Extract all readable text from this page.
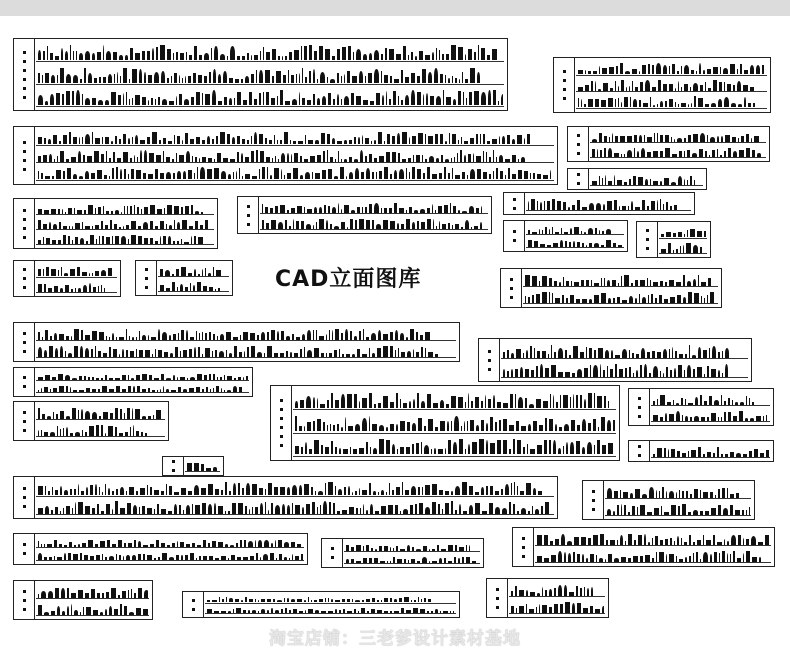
CAD立面图库
淘宝店铺：三老爹设计素材基地
